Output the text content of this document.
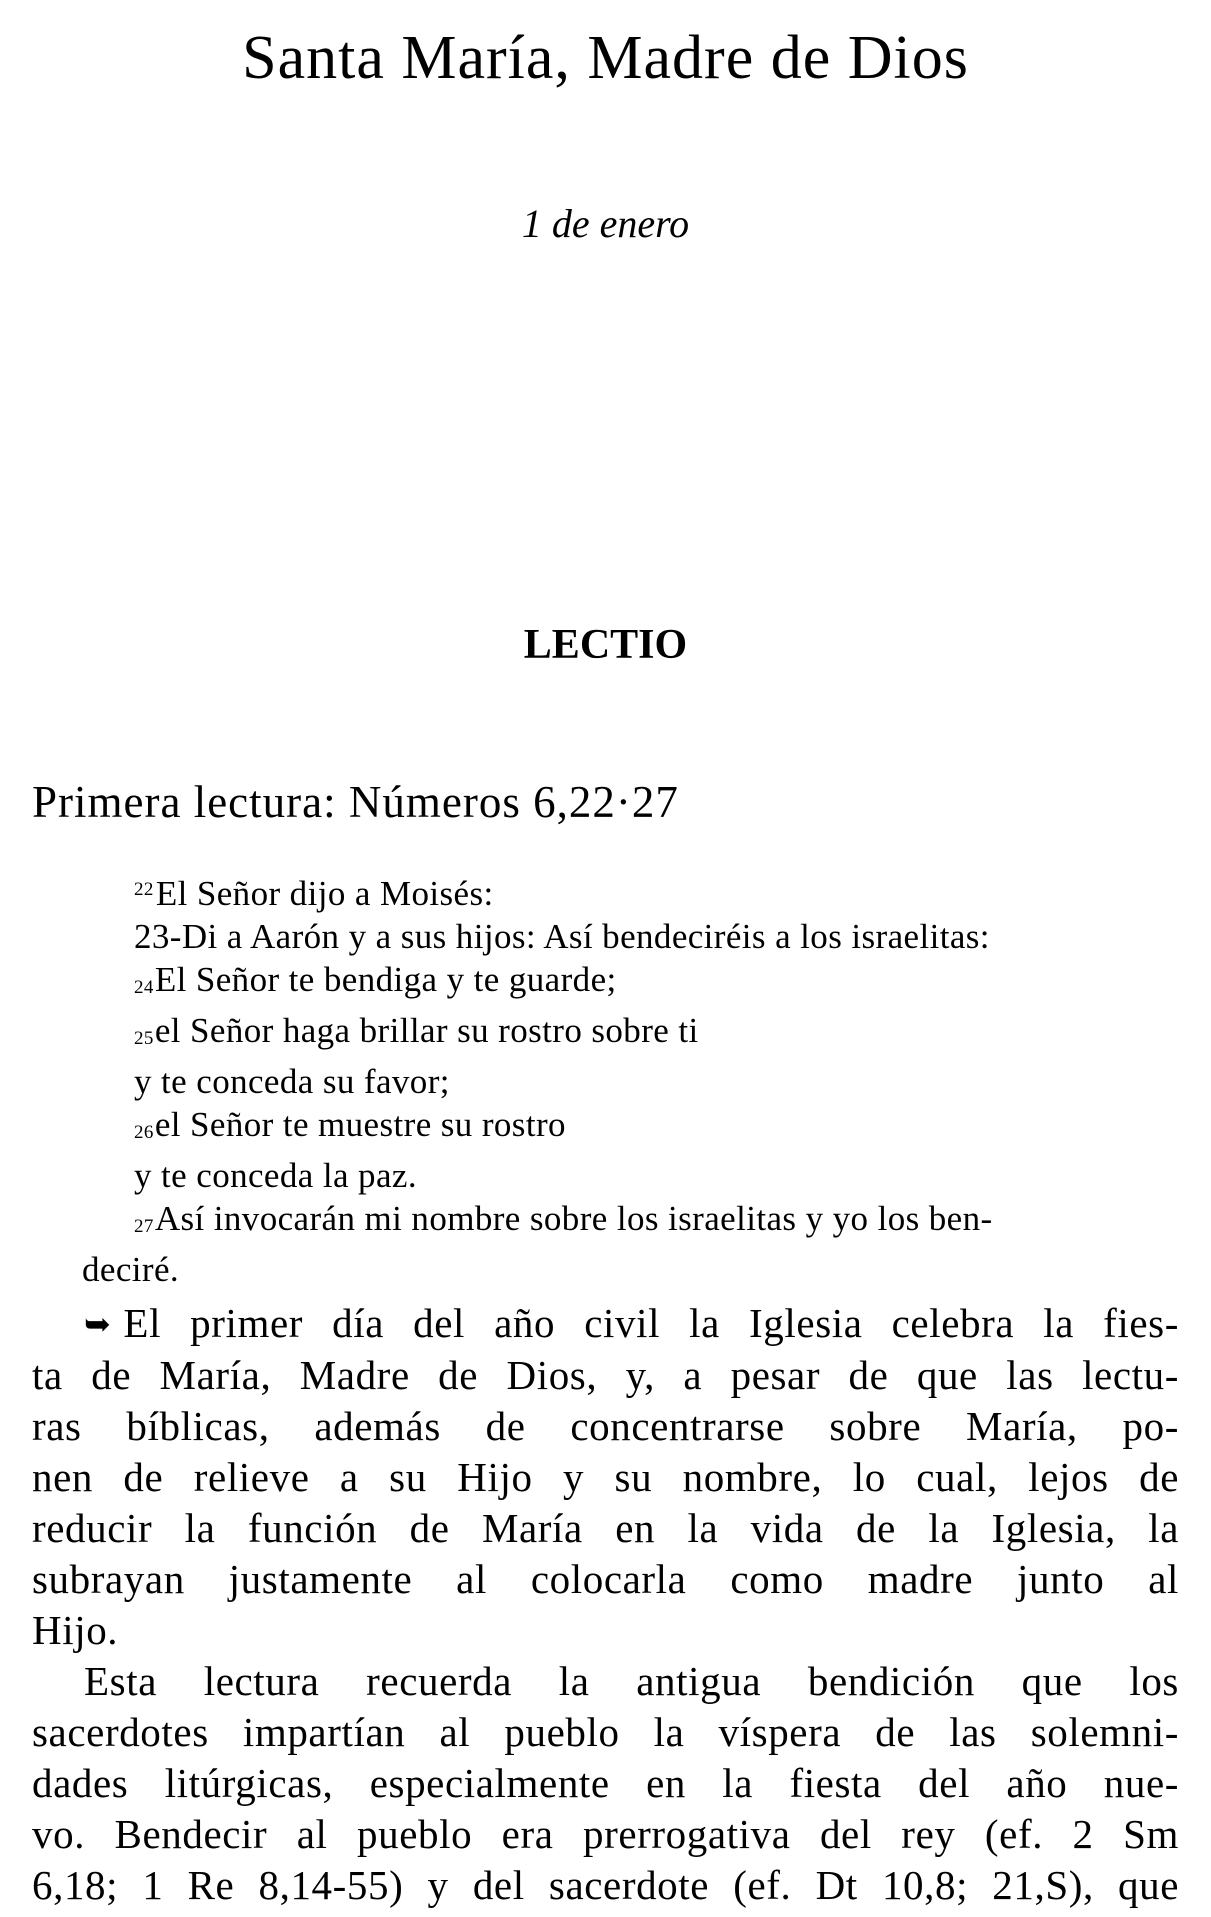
Santa María, Madre de Dios
1 de enero
LECTIO
Primera lectura: Números 6,22·27
$^{22}$El Señor dijo a Moisés:
23-Di a Aarón y a sus hijos: Así bendeciréis a los israelitas:
24El Señor te bendiga y te guarde;
25el Señor haga brillar su rostro sobre ti
y te conceda su favor;
26el Señor te muestre su rostro
y te conceda la paz.
27Así invocarán mi nombre sobre los israelitas y yo los ben-
deciré.
➥ El primer día del año civil la Iglesia celebra la fies-
ta de María, Madre de Dios, y, a pesar de que las lectu-
ras bíblicas, además de concentrarse sobre María, po-
nen de relieve a su Hijo y su nombre, lo cual, lejos de
reducir la función de María en la vida de la Iglesia, la
subrayan justamente al colocarla como madre junto al
Hijo.
Esta lectura recuerda la antigua bendición que los
sacerdotes impartían al pueblo la víspera de las solemni-
dades litúrgicas, especialmente en la fiesta del año nue-
vo. Bendecir al pueblo era prerrogativa del rey (ef. 2 Sm
6,18; 1 Re 8,14-55) y del sacerdote (ef. Dt 10,8; 21,S), que
